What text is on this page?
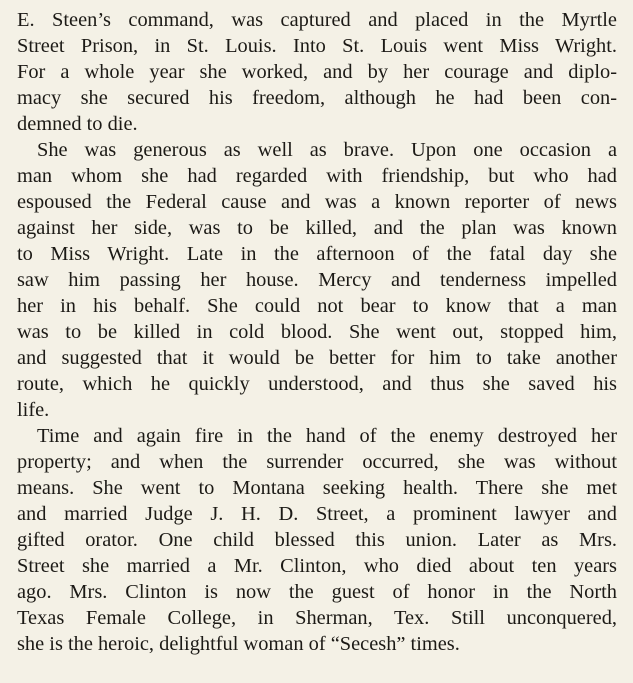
E. Steen’s command, was captured and placed in the Myrtle
Street Prison, in St. Louis. Into St. Louis went Miss Wright.
For a whole year she worked, and by her courage and diplo-
macy she secured his freedom, although he had been con-
demned to die.
She was generous as well as brave. Upon one occasion a
man whom she had regarded with friendship, but who had
espoused the Federal cause and was a known reporter of news
against her side, was to be killed, and the plan was known
to Miss Wright. Late in the afternoon of the fatal day she
saw him passing her house. Mercy and tenderness impelled
her in his behalf. She could not bear to know that a man
was to be killed in cold blood. She went out, stopped him,
and suggested that it would be better for him to take another
route, which he quickly understood, and thus she saved his
life.
Time and again fire in the hand of the enemy destroyed her
property; and when the surrender occurred, she was without
means. She went to Montana seeking health. There she met
and married Judge J. H. D. Street, a prominent lawyer and
gifted orator. One child blessed this union. Later as Mrs.
Street she married a Mr. Clinton, who died about ten years
ago. Mrs. Clinton is now the guest of honor in the North
Texas Female College, in Sherman, Tex. Still unconquered,
she is the heroic, delightful woman of “Secesh” times.
